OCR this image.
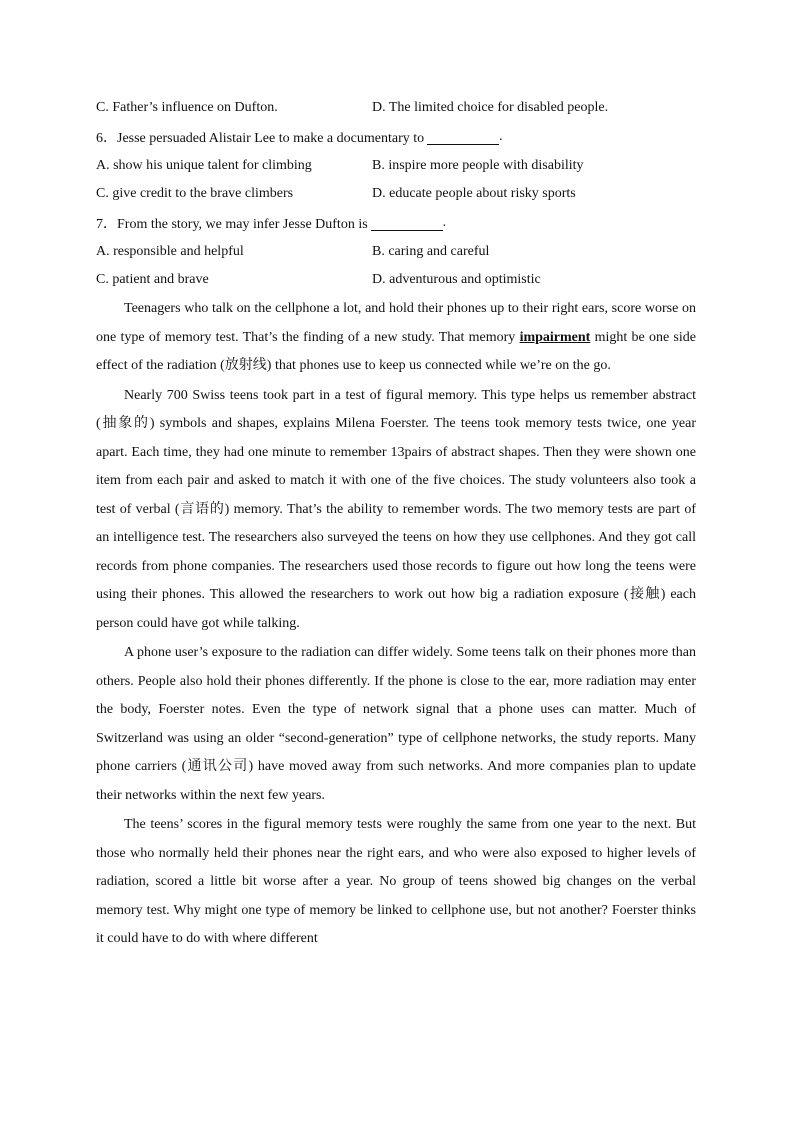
C. Father’s influence on Dufton.	D. The limited choice for disabled people.
6．Jesse persuaded Alistair Lee to make a documentary to	.
A. show his unique talent for climbing	B. inspire more people with disability
C. give credit to the brave climbers	D. educate people about risky sports
7．From the story, we may infer Jesse Dufton is	.
A. responsible and helpful	B. caring and careful
C. patient and brave	D. adventurous and optimistic

Teenagers who talk on the cellphone a lot, and hold their phones up to their right ears, score worse on one type of memory test. That’s the finding of a new study. That memory impairment might be one side effect of the radiation (放射线) that phones use to keep us connected while we’re on the go.

Nearly 700 Swiss teens took part in a test of figural memory. This type helps us remember abstract (抽象的) symbols and shapes, explains Milena Foerster. The teens took memory tests twice, one year apart. Each time, they had one minute to remember 13pairs of abstract shapes. Then they were shown one item from each pair and asked to match it with one of the five choices. The study volunteers also took a test of verbal (言语的) memory. That’s the ability to remember words. The two memory tests are part of an intelligence test. The researchers also surveyed the teens on how they use cellphones. And they got call records from phone companies. The researchers used those records to figure out how long the teens were using their phones. This allowed the researchers to work out how big a radiation exposure (接触) each person could have got while talking.

A phone user’s exposure to the radiation can differ widely. Some teens talk on their phones more than others. People also hold their phones differently. If the phone is close to the ear, more radiation may enter the body, Foerster notes. Even the type of network signal that a phone uses can matter. Much of Switzerland was using an older “second-generation” type of cellphone networks, the study reports. Many phone carriers (通讯公司) have moved away from such networks. And more companies plan to update their networks within the next few years.

The teens’ scores in the figural memory tests were roughly the same from one year to the next. But those who normally held their phones near the right ears, and who were also exposed to higher levels of radiation, scored a little bit worse after a year. No group of teens showed big changes on the verbal memory test. Why might one type of memory be linked to cellphone use, but not another? Foerster thinks it could have to do with where different
